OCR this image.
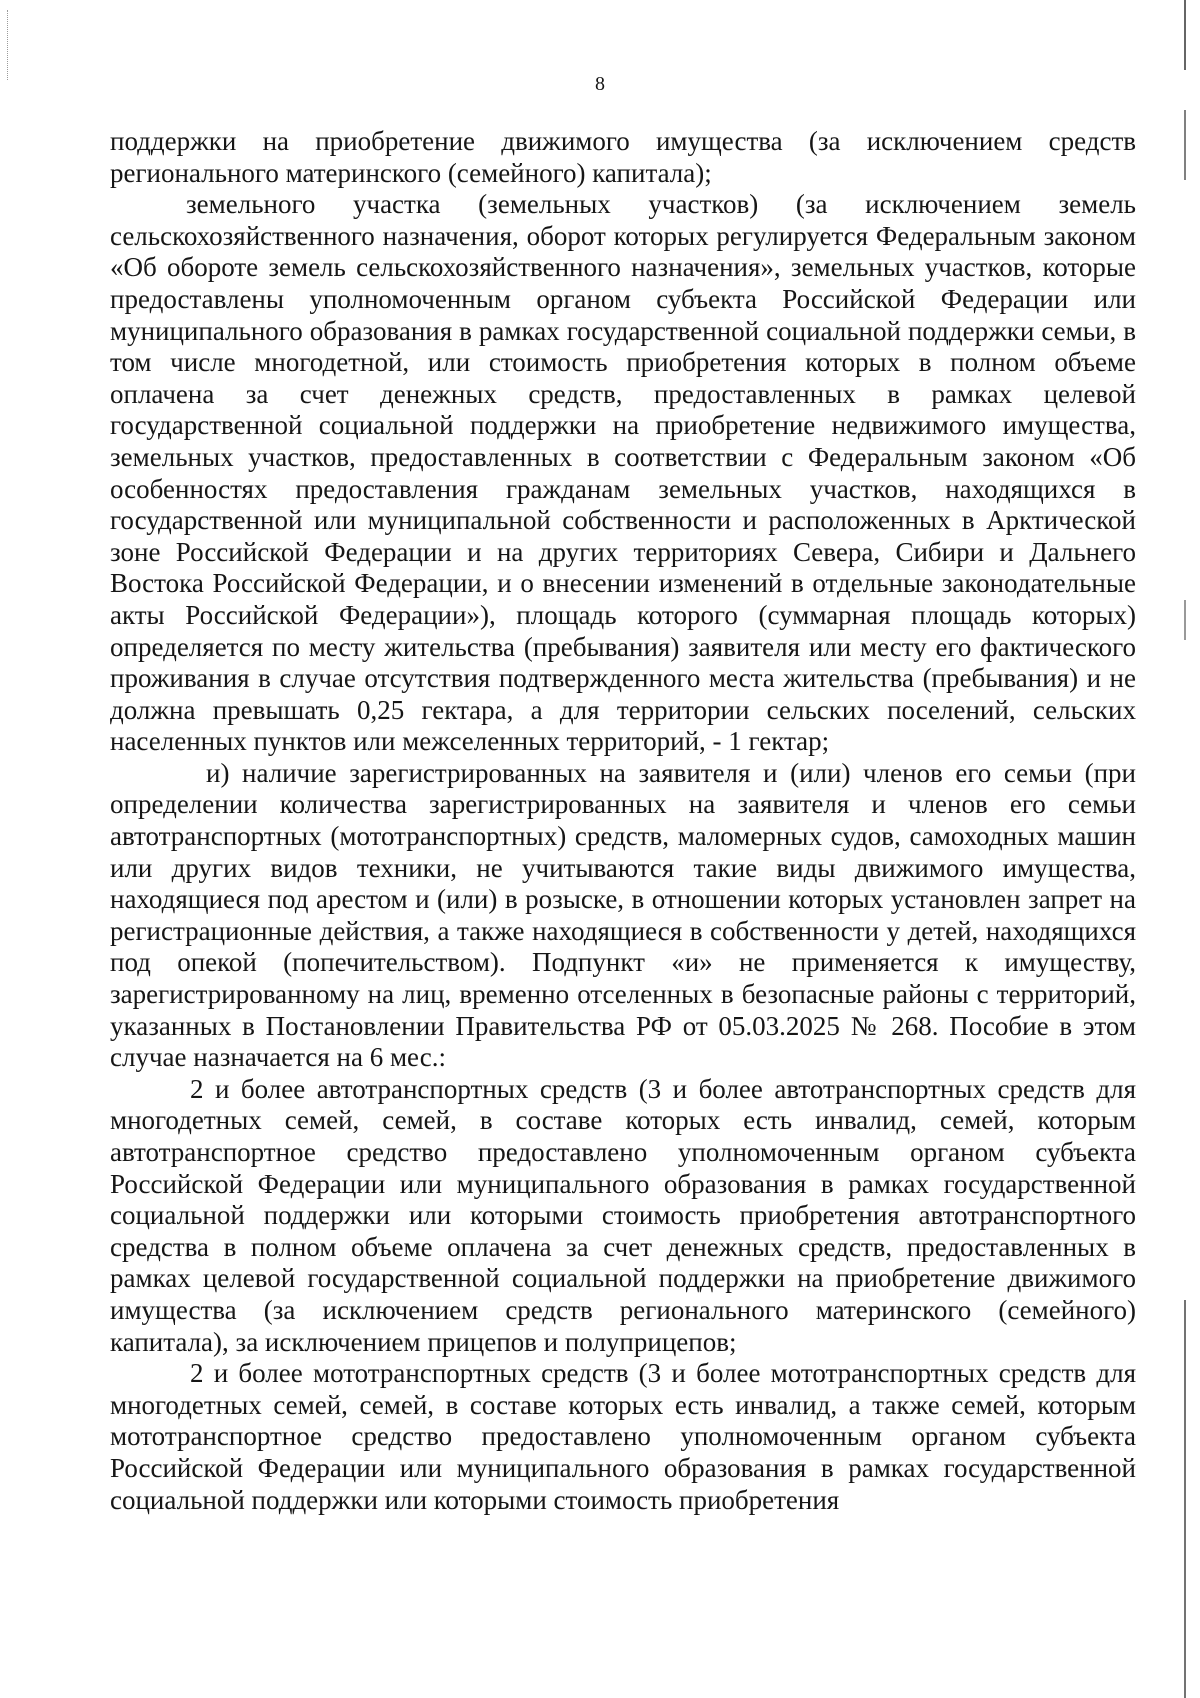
8

поддержки на приобретение движимого имущества (за исключением средств регионального материнского (семейного) капитала);

земельного участка (земельных участков) (за исключением земель сельскохозяйственного назначения, оборот которых регулируется Федеральным законом «Об обороте земель сельскохозяйственного назначения», земельных участков, которые предоставлены уполномоченным органом субъекта Российской Федерации или муниципального образования в рамках государственной социальной поддержки семьи, в том числе многодетной, или стоимость приобретения которых в полном объеме оплачена за счет денежных средств, предоставленных в рамках целевой государственной социальной поддержки на приобретение недвижимого имущества, земельных участков, предоставленных в соответствии с Федеральным законом «Об особенностях предоставления гражданам земельных участков, находящихся в государственной или муниципальной собственности и расположенных в Арктической зоне Российской Федерации и на других территориях Севера, Сибири и Дальнего Востока Российской Федерации, и о внесении изменений в отдельные законодательные акты Российской Федерации»), площадь которого (суммарная площадь которых) определяется по месту жительства (пребывания) заявителя или месту его фактического проживания в случае отсутствия подтвержденного места жительства (пребывания) и не должна превышать 0,25 гектара, а для территории сельских поселений, сельских населенных пунктов или межселенных территорий, - 1 гектар;

и) наличие зарегистрированных на заявителя и (или) членов его семьи (при определении количества зарегистрированных на заявителя и членов его семьи автотранспортных (мототранспортных) средств, маломерных судов, самоходных машин или других видов техники, не учитываются такие виды движимого имущества, находящиеся под арестом и (или) в розыске, в отношении которых установлен запрет на регистрационные действия, а также находящиеся в собственности у детей, находящихся под опекой (попечительством). Подпункт «и» не применяется к имуществу, зарегистрированному на лиц, временно отселенных в безопасные районы с территорий, указанных в Постановлении Правительства РФ от 05.03.2025 № 268. Пособие в этом случае назначается на 6 мес.:

2 и более автотранспортных средств (3 и более автотранспортных средств для многодетных семей, семей, в составе которых есть инвалид, семей, которым автотранспортное средство предоставлено уполномоченным органом субъекта Российской Федерации или муниципального образования в рамках государственной социальной поддержки или которыми стоимость приобретения автотранспортного средства в полном объеме оплачена за счет денежных средств, предоставленных в рамках целевой государственной социальной поддержки на приобретение движимого имущества (за исключением средств регионального материнского (семейного) капитала), за исключением прицепов и полуприцепов;

2 и более мототранспортных средств (3 и более мототранспортных средств для многодетных семей, семей, в составе которых есть инвалид, а также семей, которым мототранспортное средство предоставлено уполномоченным органом субъекта Российской Федерации или муниципального образования в рамках государственной социальной поддержки или которыми стоимость приобретения
